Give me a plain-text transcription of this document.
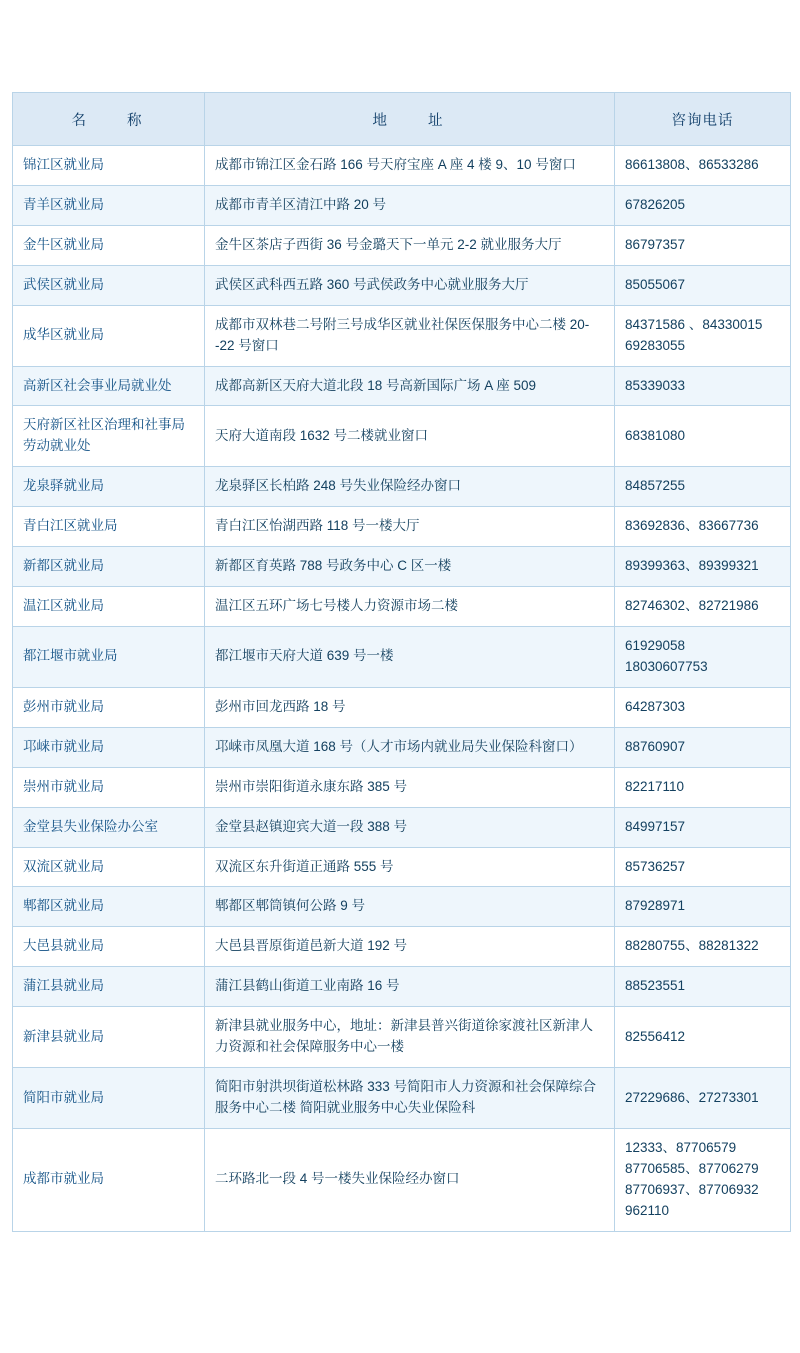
名　　称	地　　址	咨询电话
锦江区就业局	成都市锦江区金石路 166 号天府宝座 A 座 4 楼 9、10 号窗口	86613808、86533286

青羊区就业局	成都市青羊区清江中路 20 号	67826205

金牛区就业局	金牛区茶店子西街 36 号金璐天下一单元 2-2 就业服务大厅	86797357

武侯区就业局	武侯区武科西五路 360 号武侯政务中心就业服务大厅	85055067

成华区就业局	成都市双林巷二号附三号成华区就业社保医保服务中心二楼 20--22 号窗口	84371586 、84330015
69283055

高新区社会事业局就业处	成都高新区天府大道北段 18 号高新国际广场 A 座 509	85339033

天府新区社区治理和社事局劳动就业处	天府大道南段 1632 号二楼就业窗口	68381080

龙泉驿就业局	龙泉驿区长柏路 248 号失业保险经办窗口	84857255

青白江区就业局	青白江区怡湖西路 118 号一楼大厅	83692836、83667736

新都区就业局	新都区育英路 788 号政务中心 C 区一楼	89399363、89399321

温江区就业局	温江区五环广场七号楼人力资源市场二楼	82746302、82721986

都江堰市就业局	都江堰市天府大道 639 号一楼	61929058
18030607753

彭州市就业局	彭州市回龙西路 18 号	64287303

邛崃市就业局	邛崃市凤凰大道 168 号（人才市场内就业局失业保险科窗口）	88760907

崇州市就业局	崇州市崇阳街道永康东路 385 号	82217110

金堂县失业保险办公室	金堂县赵镇迎宾大道一段 388 号	84997157

双流区就业局	双流区东升街道正通路 555 号	85736257

郫都区就业局	郫都区郫筒镇何公路 9 号	87928971

大邑县就业局	大邑县晋原街道邑新大道 192 号	88280755、88281322

蒲江县就业局	蒲江县鹤山街道工业南路 16 号	88523551

新津县就业局	新津县就业服务中心，地址：新津县普兴街道徐家渡社区新津人力资源和社会保障服务中心一楼	82556412

简阳市就业局	简阳市射洪坝街道松林路 333 号简阳市人力资源和社会保障综合服务中心二楼 简阳就业服务中心失业保险科	27229686、27273301

成都市就业局	二环路北一段 4 号一楼失业保险经办窗口	12333、87706579
87706585、87706279
87706937、87706932
962110
